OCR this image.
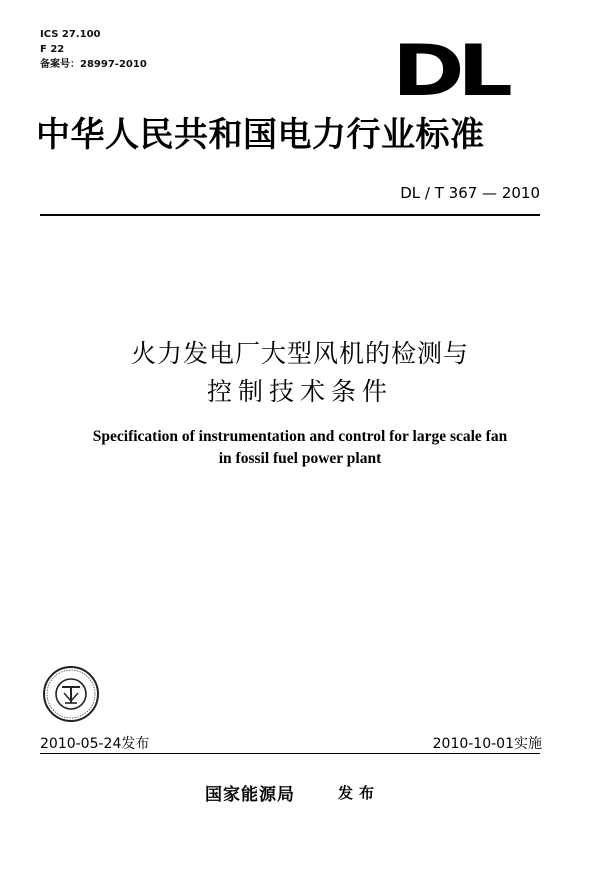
ICS 27.100
F 22
备案号：28997-2010	DL
中华人民共和国电力行业标准
DL / T 367 — 2010
火力发电厂大型风机的检测与
控制技术条件
Specification of instrumentation and control for large scale fan
in fossil fuel power plant
2010-05-24发布	2010-10-01实施
国家能源局	发布
